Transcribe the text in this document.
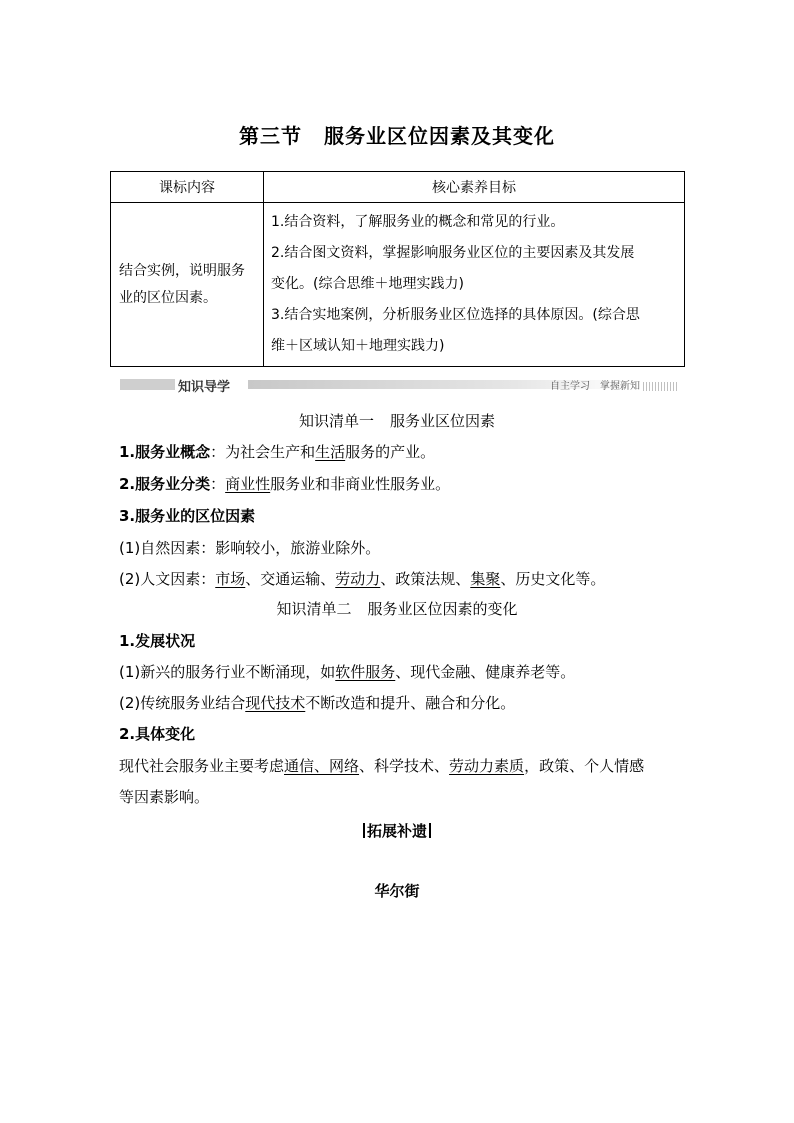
第三节 服务业区位因素及其变化
课标内容	核心素养目标
结合实例，说明服务业的区位因素。	1.结合资料，了解服务业的概念和常见的行业。
2.结合图文资料，掌握影响服务业区位的主要因素及其发展
变化。(综合思维＋地理实践力)
3.结合实地案例，分析服务业区位选择的具体原因。(综合思
维＋区域认知＋地理实践力)
知识导学	自主学习　掌握新知
知识清单一 服务业区位因素
1.服务业概念：为社会生产和生活服务的产业。
2.服务业分类：商业性服务业和非商业性服务业。
3.服务业的区位因素
(1)自然因素：影响较小，旅游业除外。
(2)人文因素：市场、交通运输、劳动力、政策法规、集聚、历史文化等。
知识清单二 服务业区位因素的变化
1.发展状况
(1)新兴的服务行业不断涌现，如软件服务、现代金融、健康养老等。
(2)传统服务业结合现代技术不断改造和提升、融合和分化。
2.具体变化
现代社会服务业主要考虑通信、网络、科学技术、劳动力素质，政策、个人情感
等因素影响。
拓展补遗
华尔街
